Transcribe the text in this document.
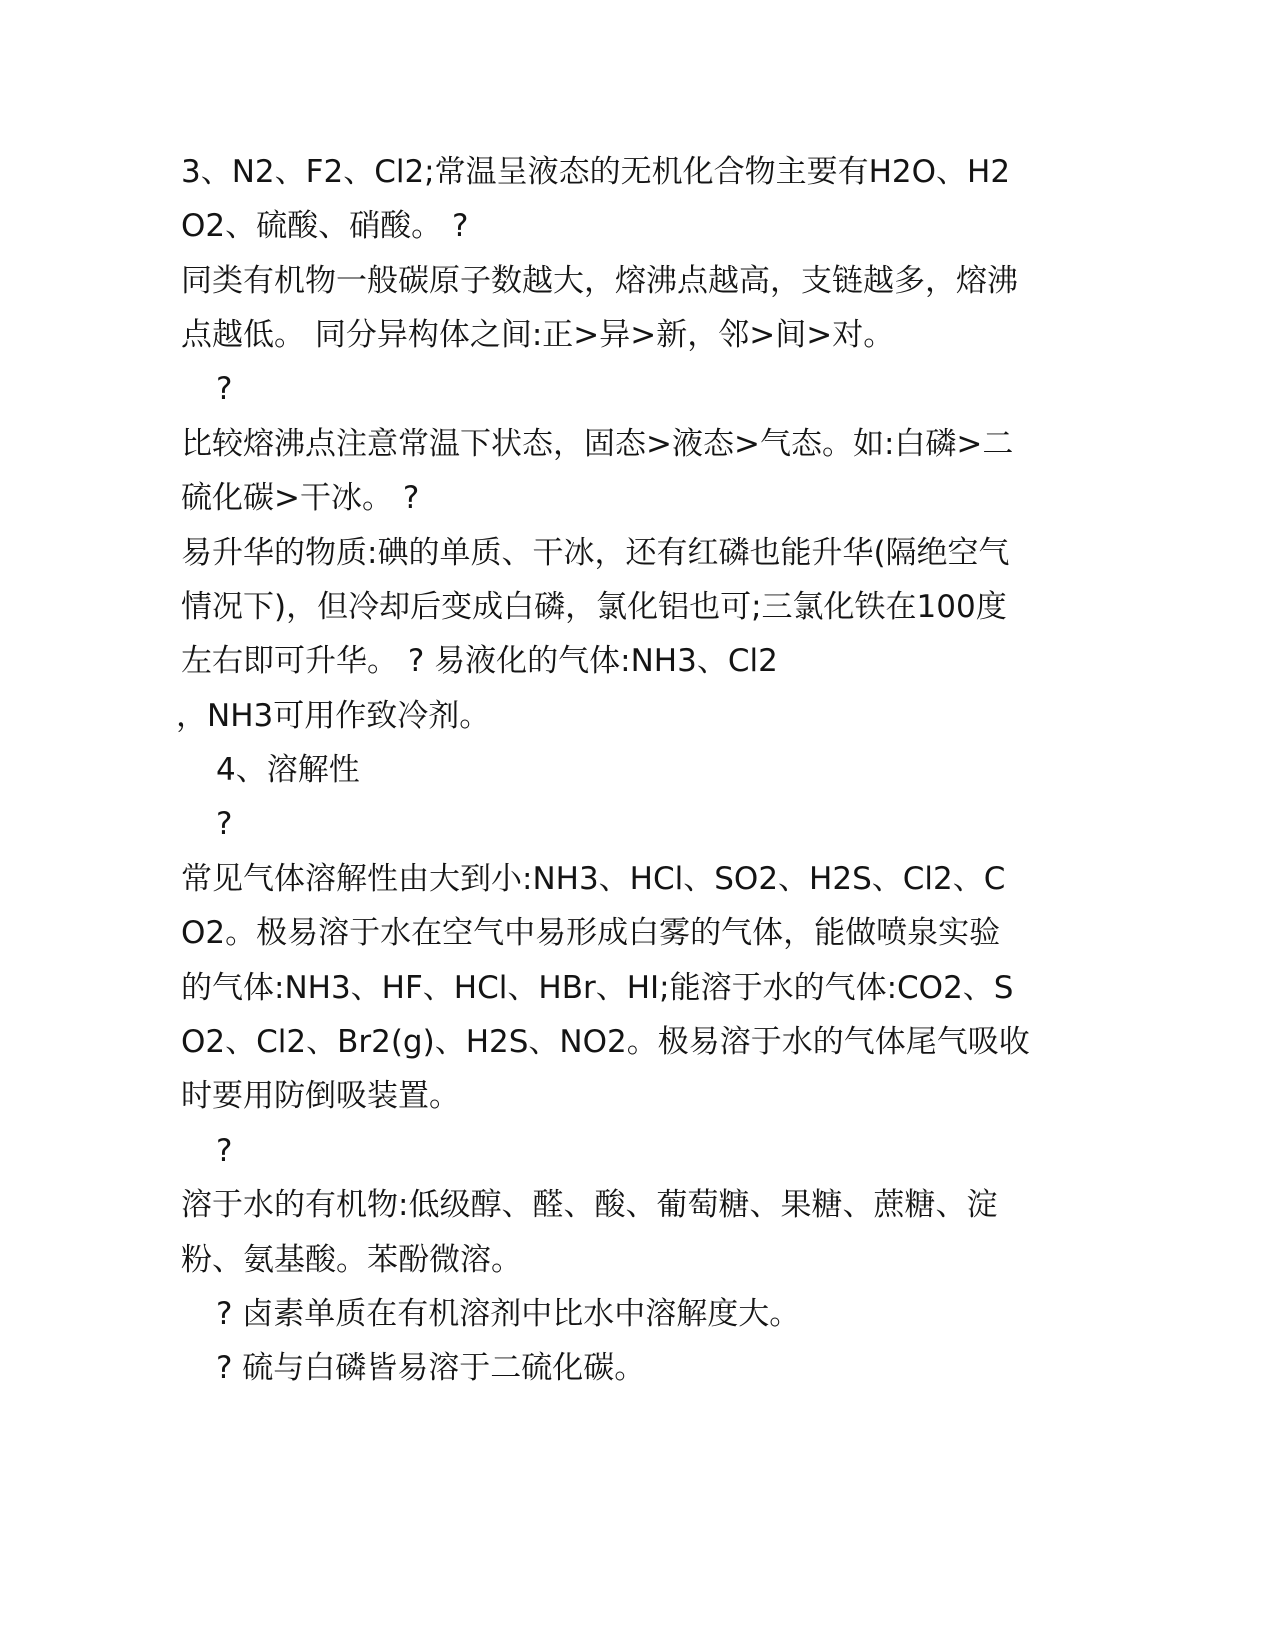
3、N2、F2、Cl2;常温呈液态的无机化合物主要有H2O、H2
O2、硫酸、硝酸。 ?
同类有机物一般碳原子数越大，熔沸点越高，支链越多，熔沸
点越低。 同分异构体之间:正>异>新，邻>间>对。
?
比较熔沸点注意常温下状态，固态>液态>气态。如:白磷>二
硫化碳>干冰。 ?
易升华的物质:碘的单质、干冰，还有红磷也能升华(隔绝空气
情况下)，但冷却后变成白磷，氯化铝也可;三氯化铁在100度
左右即可升华。 ? 易液化的气体:NH3、Cl2
，NH3可用作致冷剂。
4、溶解性
?
常见气体溶解性由大到小:NH3、HCl、SO2、H2S、Cl2、C
O2。极易溶于水在空气中易形成白雾的气体，能做喷泉实验
的气体:NH3、HF、HCl、HBr、HI;能溶于水的气体:CO2、S
O2、Cl2、Br2(g)、H2S、NO2。极易溶于水的气体尾气吸收
时要用防倒吸装置。
?
溶于水的有机物:低级醇、醛、酸、葡萄糖、果糖、蔗糖、淀
粉、氨基酸。苯酚微溶。
? 卤素单质在有机溶剂中比水中溶解度大。
? 硫与白磷皆易溶于二硫化碳。
